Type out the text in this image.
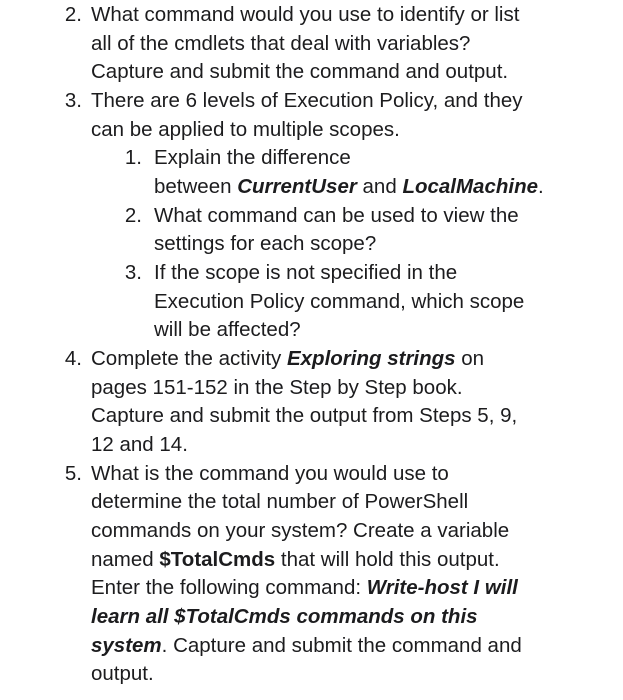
2. What command would you use to identify or list
all of the cmdlets that deal with variables?
Capture and submit the command and output.
3. There are 6 levels of Execution Policy, and they
can be applied to multiple scopes.
1. Explain the difference
between CurrentUser and LocalMachine.
2. What command can be used to view the
settings for each scope?
3. If the scope is not specified in the
Execution Policy command, which scope
will be affected?
4. Complete the activity Exploring strings on
pages 151-152 in the Step by Step book.
Capture and submit the output from Steps 5, 9,
12 and 14.
5. What is the command you would use to
determine the total number of PowerShell
commands on your system? Create a variable
named $TotalCmds that will hold this output.
Enter the following command: Write-host I will
learn all $TotalCmds commands on this
system. Capture and submit the command and
output.
